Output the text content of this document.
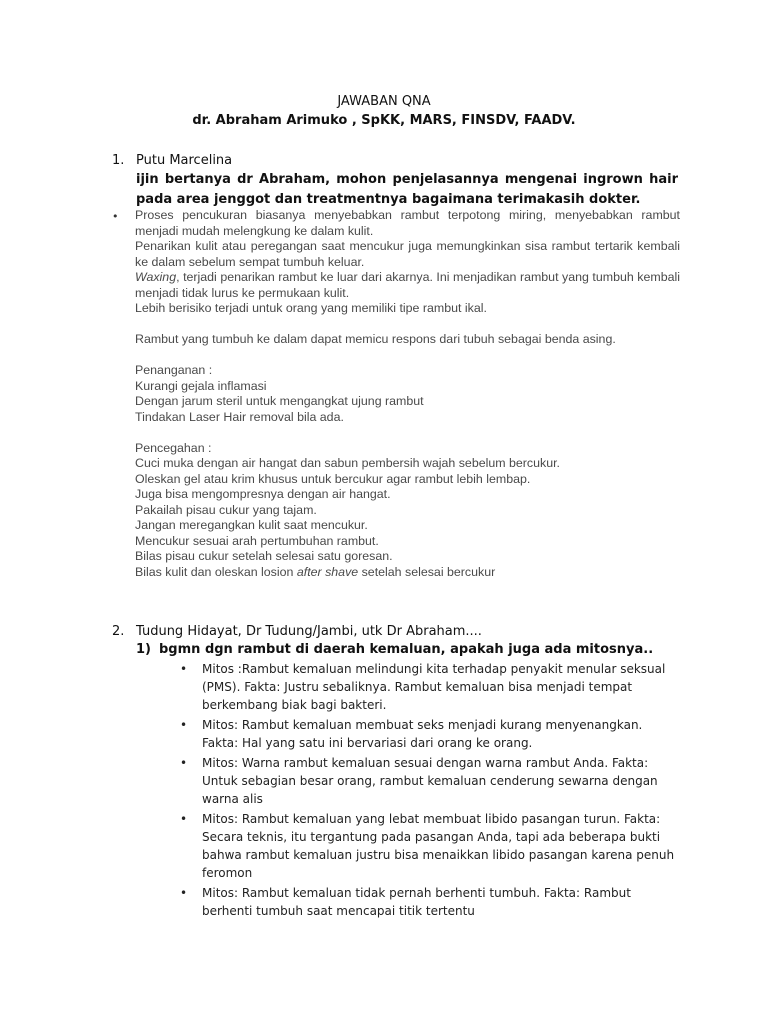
JAWABAN QNA
dr. Abraham Arimuko , SpKK, MARS, FINSDV, FAADV.
1. Putu Marcelina
ijin bertanya dr Abraham, mohon penjelasannya mengenai ingrown hair pada area jenggot dan treatmentnya bagaimana terimakasih dokter.
• Proses pencukuran biasanya menyebabkan rambut terpotong miring, menyebabkan rambut menjadi mudah melengkung ke dalam kulit.

Penarikan kulit atau peregangan saat mencukur juga memungkinkan sisa rambut tertarik kembali ke dalam sebelum sempat tumbuh keluar.

Waxing, terjadi penarikan rambut ke luar dari akarnya. Ini menjadikan rambut yang tumbuh kembali menjadi tidak lurus ke permukaan kulit.

Lebih berisiko terjadi untuk orang yang memiliki tipe rambut ikal.

Rambut yang tumbuh ke dalam dapat memicu respons dari tubuh sebagai benda asing.

Penanganan :

Kurangi gejala inflamasi

Dengan jarum steril untuk mengangkat ujung rambut

Tindakan Laser Hair removal bila ada.

Pencegahan :

Cuci muka dengan air hangat dan sabun pembersih wajah sebelum bercukur.

Oleskan gel atau krim khusus untuk bercukur agar rambut lebih lembap.

Juga bisa mengompresnya dengan air hangat.

Pakailah pisau cukur yang tajam.

Jangan meregangkan kulit saat mencukur.

Mencukur sesuai arah pertumbuhan rambut.

Bilas pisau cukur setelah selesai satu goresan.

Bilas kulit dan oleskan losion after shave setelah selesai bercukur

2. Tudung Hidayat, Dr Tudung/Jambi, utk Dr Abraham....
1) bgmn dgn rambut di daerah kemaluan, apakah juga ada mitosnya..
• Mitos :Rambut kemaluan melindungi kita terhadap penyakit menular seksual (PMS). Fakta: Justru sebaliknya. Rambut kemaluan bisa menjadi tempat berkembang biak bagi bakteri.
• Mitos: Rambut kemaluan membuat seks menjadi kurang menyenangkan. Fakta: Hal yang satu ini bervariasi dari orang ke orang.
• Mitos: Warna rambut kemaluan sesuai dengan warna rambut Anda. Fakta: Untuk sebagian besar orang, rambut kemaluan cenderung sewarna dengan warna alis
• Mitos: Rambut kemaluan yang lebat membuat libido pasangan turun. Fakta: Secara teknis, itu tergantung pada pasangan Anda, tapi ada beberapa bukti bahwa rambut kemaluan justru bisa menaikkan libido pasangan karena penuh feromon
• Mitos: Rambut kemaluan tidak pernah berhenti tumbuh. Fakta: Rambut berhenti tumbuh saat mencapai titik tertentu
